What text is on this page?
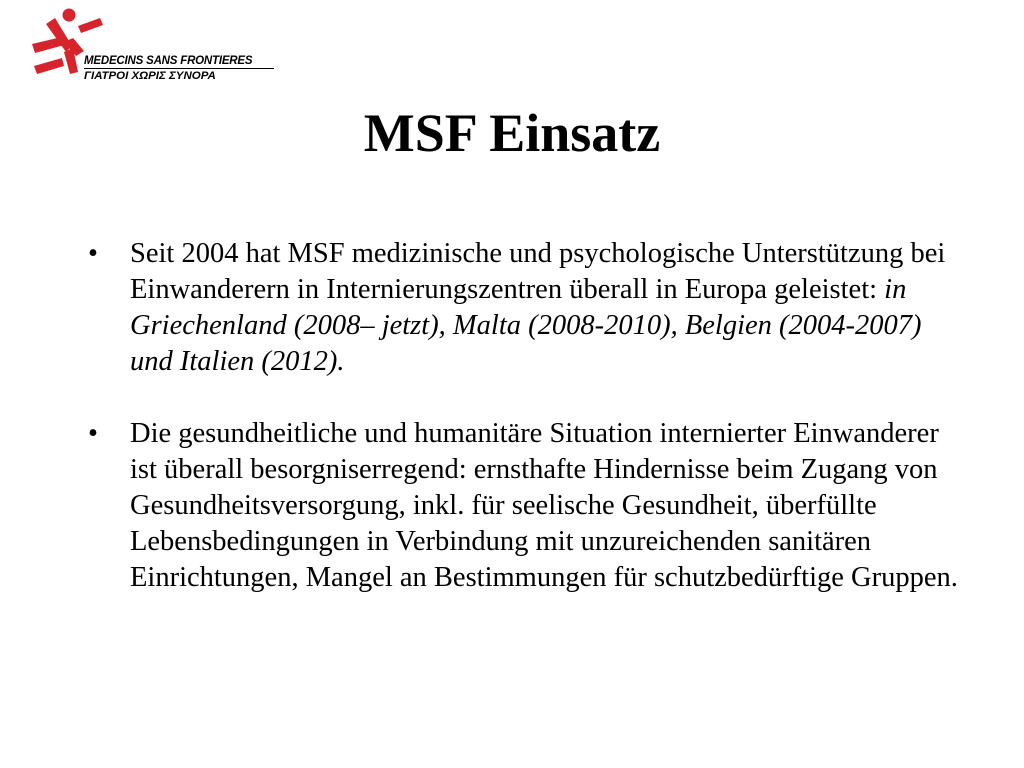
MEDECINS SANS FRONTIERES
ΓΙΑΤΡΟΙ ΧΩΡΙΣ ΣΥΝΟΡΑ
MSF Einsatz
• Seit 2004 hat MSF medizinische und psychologische Unterstützung bei Einwanderern in Internierungszentren überall in Europa geleistet: in Griechenland (2008– jetzt), Malta (2008-2010), Belgien (2004-2007) und Italien (2012).
• Die gesundheitliche und humanitäre Situation internierter Einwanderer ist überall besorgniserregend: ernsthafte Hindernisse beim Zugang von Gesundheitsversorgung, inkl. für seelische Gesundheit, überfüllte Lebensbedingungen in Verbindung mit unzureichenden sanitären Einrichtungen, Mangel an Bestimmungen für schutzbedürftige Gruppen.
